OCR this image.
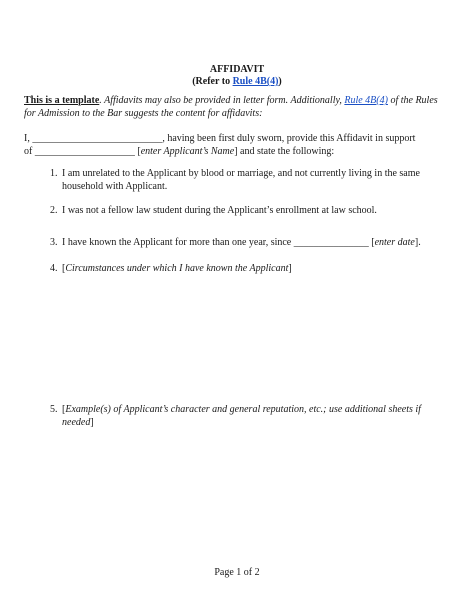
AFFIDAVIT
(Refer to Rule 4B(4))
This is a template. Affidavits may also be provided in letter form. Additionally, Rule 4B(4) of the Rules for Admission to the Bar suggests the content for affidavits:
I, __________________________, having been first duly sworn, provide this Affidavit in support
of ____________________ [enter Applicant’s Name] and state the following:
1. I am unrelated to the Applicant by blood or marriage, and not currently living in the same household with Applicant.
2. I was not a fellow law student during the Applicant’s enrollment at law school.
3. I have known the Applicant for more than one year, since _______________ [enter date].
4. [Circumstances under which I have known the Applicant]
5. [Example(s) of Applicant’s character and general reputation, etc.; use additional sheets if needed]
Page 1 of 2
